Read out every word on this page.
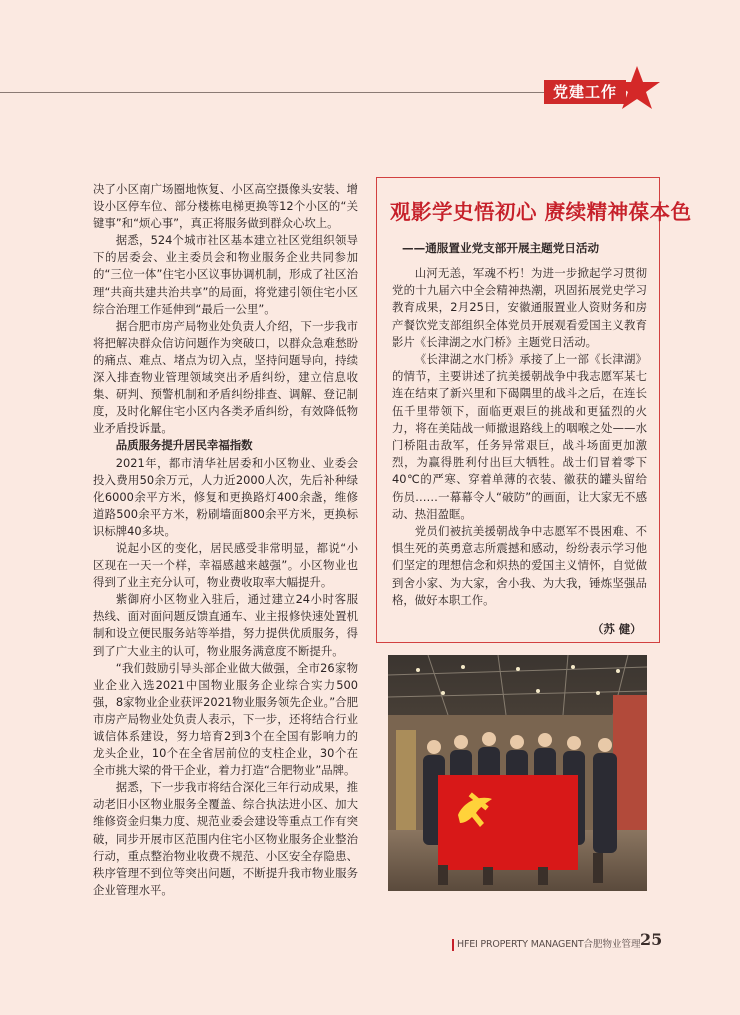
党建工作

决了小区南广场圈地恢复、小区高空摄像头安装、增设小区停车位、部分楼栋电梯更换等12个小区的“关键事”和“烦心事”，真正将服务做到群众心坎上。

据悉，524个城市社区基本建立社区党组织领导下的居委会、业主委员会和物业服务企业共同参加的“三位一体”住宅小区议事协调机制，形成了社区治理“共商共建共治共享”的局面，将党建引领住宅小区综合治理工作延伸到“最后一公里”。

据合肥市房产局物业处负责人介绍，下一步我市将把解决群众信访问题作为突破口，以群众急难愁盼的痛点、难点、堵点为切入点，坚持问题导向，持续深入排查物业管理领域突出矛盾纠纷，建立信息收集、研判、预警机制和矛盾纠纷排查、调解、登记制度，及时化解住宅小区内各类矛盾纠纷，有效降低物业矛盾投诉量。

品质服务提升居民幸福指数

2021年，都市清华社居委和小区物业、业委会投入费用50余万元，人力近2000人次，先后补种绿化6000余平方米，修复和更换路灯400余盏，维修道路500余平方米，粉刷墙面800余平方米，更换标识标牌40多块。

说起小区的变化，居民感受非常明显，都说“小区现在一天一个样，幸福感越来越强”。小区物业也得到了业主充分认可，物业费收取率大幅提升。

紫御府小区物业入驻后，通过建立24小时客服热线、面对面问题反馈直通车、业主报修快速处置机制和设立便民服务站等举措，努力提供优质服务，得到了广大业主的认可，物业服务满意度不断提升。

“我们鼓励引导头部企业做大做强，全市26家物业企业入选2021中国物业服务企业综合实力500强，8家物业企业获评2021物业服务领先企业。”合肥市房产局物业处负责人表示，下一步，还将结合行业诚信体系建设，努力培育2到3个在全国有影响力的龙头企业，10个在全省居前位的支柱企业，30个在全市挑大梁的骨干企业，着力打造“合肥物业”品牌。

据悉，下一步我市将结合深化三年行动成果，推动老旧小区物业服务全覆盖、综合执法进小区、加大维修资金归集力度、规范业委会建设等重点工作有突破，同步开展市区范围内住宅小区物业服务企业整治行动，重点整治物业收费不规范、小区安全存隐患、秩序管理不到位等突出问题，不断提升我市物业服务企业管理水平。

观影学史悟初心 赓续精神葆本色
——通服置业党支部开展主题党日活动

山河无恙，军魂不朽！为进一步掀起学习贯彻党的十九届六中全会精神热潮，巩固拓展党史学习教育成果，2月25日，安徽通服置业人资财务和房产餐饮党支部组织全体党员开展观看爱国主义教育影片《长津湖之水门桥》主题党日活动。

《长津湖之水门桥》承接了上一部《长津湖》的情节，主要讲述了抗美援朝战争中我志愿军某七连在结束了新兴里和下碣隅里的战斗之后，在连长伍千里带领下，面临更艰巨的挑战和更猛烈的火力，将在美陆战一师撤退路线上的咽喉之处——水门桥阻击敌军，任务异常艰巨，战斗场面更加激烈，为赢得胜利付出巨大牺牲。战士们冒着零下40℃的严寒、穿着单薄的衣装、徽获的罐头留给伤员……一幕幕令人“破防”的画面，让大家无不感动、热泪盈眶。

党员们被抗美援朝战争中志愿军不畏困难、不惧生死的英勇意志所震撼和感动，纷纷表示学习他们坚定的理想信念和炽热的爱国主义情怀，自觉做到舍小家、为大家，舍小我、为大我，锤炼坚强品格，做好本职工作。

（苏 健）
HFEI PROPERTY MANAGENT合肥物业管理 25
